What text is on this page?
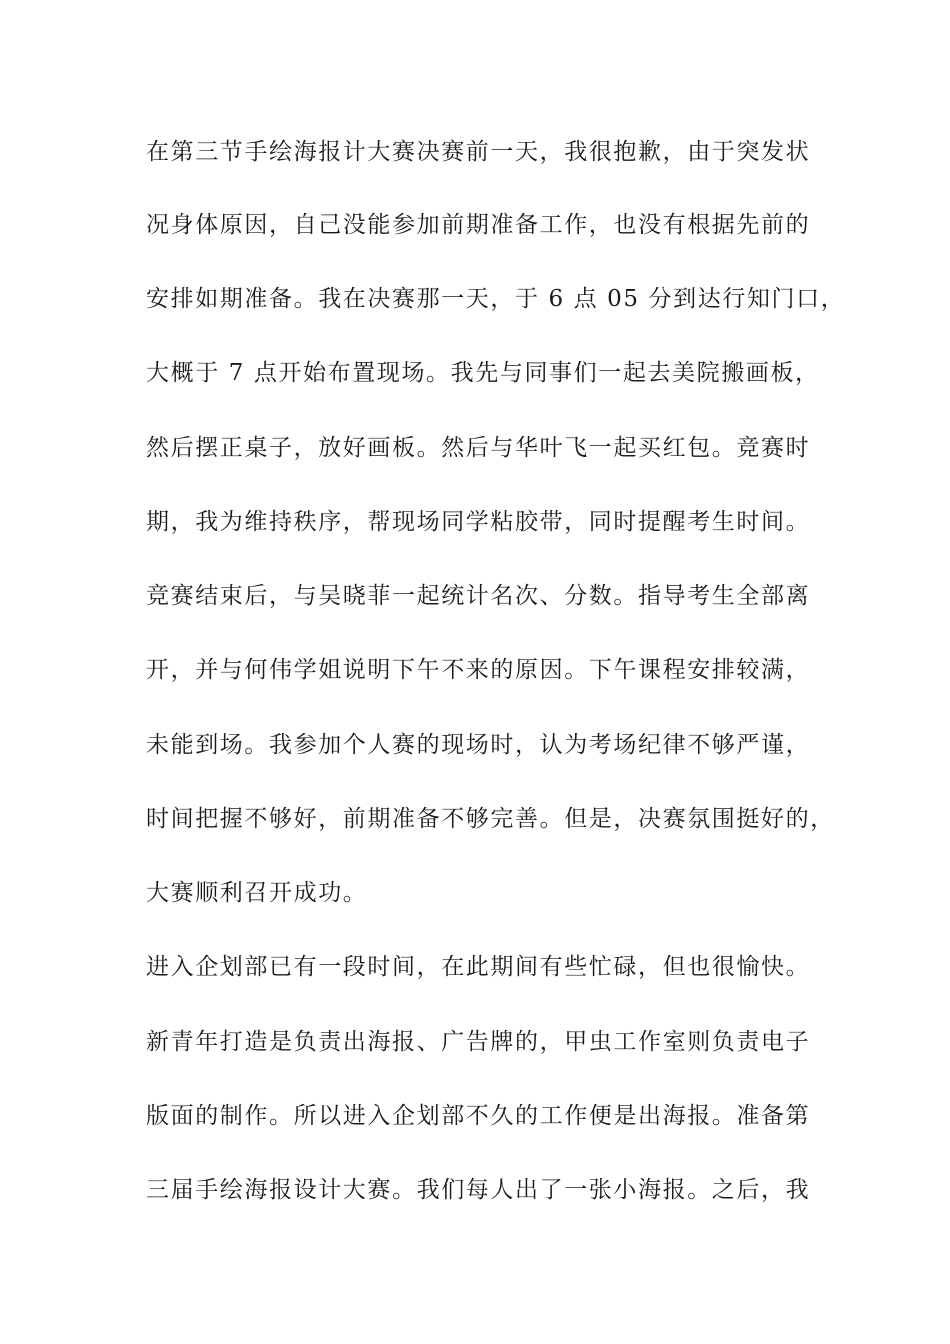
在第三节手绘海报计大赛决赛前一天，我很抱歉，由于突发状
况身体原因，自己没能参加前期准备工作，也没有根据先前的
安排如期准备。我在决赛那一天，于 6 点 05 分到达行知门口，
大概于 7 点开始布置现场。我先与同事们一起去美院搬画板，
然后摆正桌子，放好画板。然后与华叶飞一起买红包。竞赛时
期，我为维持秩序，帮现场同学粘胶带，同时提醒考生时间。
竞赛结束后，与吴晓菲一起统计名次、分数。指导考生全部离
开，并与何伟学姐说明下午不来的原因。下午课程安排较满，
未能到场。我参加个人赛的现场时，认为考场纪律不够严谨，
时间把握不够好，前期准备不够完善。但是，决赛氛围挺好的，
大赛顺利召开成功。
进入企划部已有一段时间，在此期间有些忙碌，但也很愉快。
新青年打造是负责出海报、广告牌的，甲虫工作室则负责电子
版面的制作。所以进入企划部不久的工作便是出海报。准备第
三届手绘海报设计大赛。我们每人出了一张小海报。之后，我
